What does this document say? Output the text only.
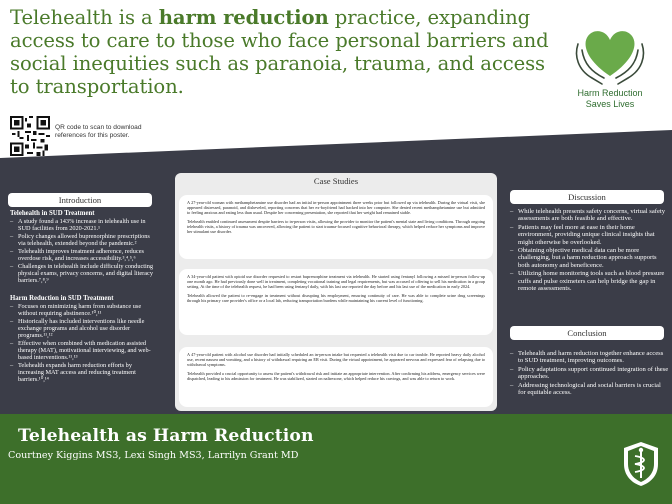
Telehealth is a harm reduction practice, expanding access to care to those who face personal barriers and social inequities such as paranoia, trauma, and access to transportation.	Harm Reduction
Saves Lives
QR code to scan to download references for this poster.
Introduction
Telehealth in SUD Treatment
– A study found a 143% increase in telehealth use in SUD facilities from 2020-2021.¹
– Policy changes allowed buprenorphine prescriptions via telehealth, extended beyond the pandemic.²
– Telehealth improves treatment adherence, reduces overdose risk, and increases accessibility.³,⁴,⁵,⁶
– Challenges in telehealth include difficulty conducting physical exams, privacy concerns, and digital literacy barriers.⁷,⁸,⁹
Harm Reduction in SUD Treatment
– Focuses on minimizing harm from substance use without requiring abstinence.¹⁰,¹¹
– Historically has included interventions like needle exchange programs and alcohol use disorder programs.¹¹,¹²
– Effective when combined with medication assisted therapy (MAT), motivational interviewing, and web-based interventions.¹¹,¹³
– Telehealth expands harm reduction efforts by increasing MAT access and reducing treatment barriers.¹⁰,¹⁴
Case Studies

A 27-year-old woman with methamphetamine use disorder had an initial in-person appointment three weeks prior but followed up via telehealth. During the virtual visit, she appeared distressed, paranoid, and disheveled, reporting concerns that her ex-boyfriend had hacked into her computer. She denied recent methamphetamine use but admitted to feeling anxious and eating less than usual. Despite her concerning presentation, she reported that her weight had remained stable.

Telehealth enabled continued assessment despite barriers to in-person visits, allowing the provider to monitor the patient's mental state and living conditions. Through ongoing telehealth visits, a history of trauma was uncovered, allowing the patient to start trauma-focused cognitive behavioral therapy, which helped reduce her symptoms and improve her stimulant use disorder.

A 34-year-old patient with opioid use disorder requested to restart buprenorphine treatment via telehealth. He started using fentanyl following a missed in-person follow-up one month ago. He had previously done well in treatment, completing vocational training and legal requirements, but was accused of offering to sell his medication in a group setting. At the time of the telehealth request, he had been using fentanyl daily, with his last use reported the day before and his last use of the medication in early 2024.

Telehealth allowed the patient to re-engage in treatment without disrupting his employment, ensuring continuity of care. He was able to complete urine drug screenings through his primary care provider's office or a local lab, reducing transportation burdens while maintaining his current level of functioning.

A 47-year-old patient with alcohol use disorder had initially scheduled an in-person intake but requested a telehealth visit due to car trouble. He reported heavy daily alcohol use, recent nausea and vomiting, and a history of withdrawal requiring an ER visit. During the virtual appointment, he appeared nervous and expressed fear of relapsing due to withdrawal symptoms.

Telehealth provided a crucial opportunity to assess the patient's withdrawal risk and initiate an appropriate intervention. After confirming his address, emergency services were dispatched, leading to his admission for treatment. He was stabilized, started on naltrexone, which helped reduce his cravings, and was able to return to work.

Discussion
– While telehealth presents safety concerns, virtual safety assessments are both feasible and effective.
– Patients may feel more at ease in their home environment, providing unique clinical insights that might otherwise be overlooked.
– Obtaining objective medical data can be more challenging, but a harm reduction approach supports both autonomy and beneficence.
– Utilizing home monitoring tools such as blood pressure cuffs and pulse oximeters can help bridge the gap in remote assessments.
Conclusion
– Telehealth and harm reduction together enhance access to SUD treatment, improving outcomes.
– Policy adaptations support continued integration of these approaches.
– Addressing technological and social barriers is crucial for equitable access.
Telehealth as Harm Reduction
Courtney Kiggins MS3, Lexi Singh MS3, Larrilyn Grant MD
